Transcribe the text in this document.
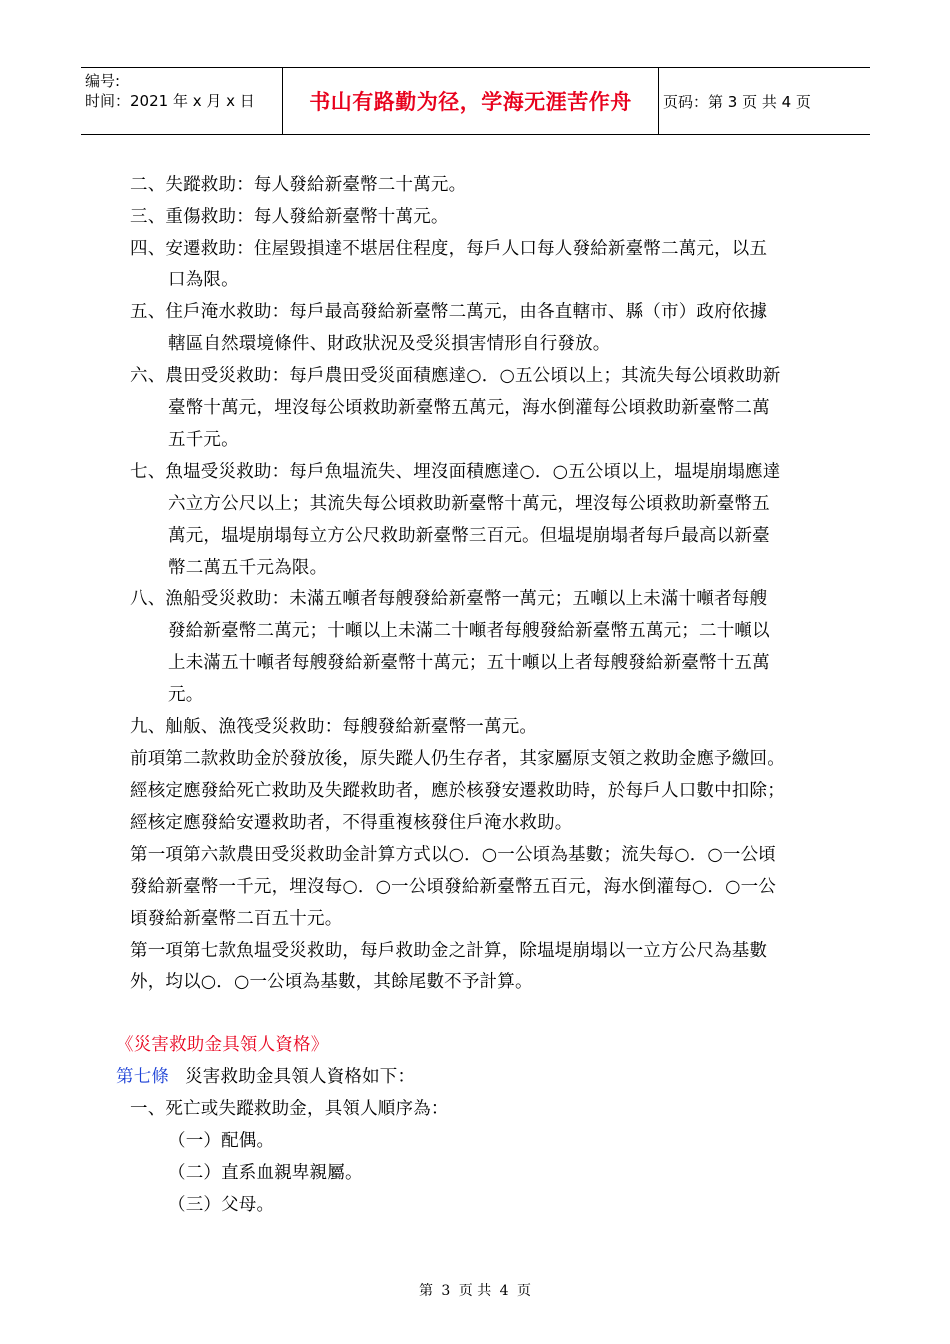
编号:
时间：2021 年 x 月 x 日	书山有路勤为径，学海无涯苦作舟	页码：第 3 页 共 4 页
二、失蹤救助：每人發給新臺幣二十萬元。
三、重傷救助：每人發給新臺幣十萬元。
四、安遷救助：住屋毀損達不堪居住程度，每戶人口每人發給新臺幣二萬元，以五
口為限。
五、住戶淹水救助：每戶最高發給新臺幣二萬元，由各直轄市、縣（市）政府依據
轄區自然環境條件、財政狀況及受災損害情形自行發放。
六、農田受災救助：每戶農田受災面積應達○．○五公頃以上；其流失每公頃救助新
臺幣十萬元，埋沒每公頃救助新臺幣五萬元，海水倒灌每公頃救助新臺幣二萬
五千元。
七、魚塭受災救助：每戶魚塭流失、埋沒面積應達○．○五公頃以上，塭堤崩塌應達
六立方公尺以上；其流失每公頃救助新臺幣十萬元，埋沒每公頃救助新臺幣五
萬元，塭堤崩塌每立方公尺救助新臺幣三百元。但塭堤崩塌者每戶最高以新臺
幣二萬五千元為限。
八、漁船受災救助：未滿五噸者每艘發給新臺幣一萬元；五噸以上未滿十噸者每艘
發給新臺幣二萬元；十噸以上未滿二十噸者每艘發給新臺幣五萬元；二十噸以
上未滿五十噸者每艘發給新臺幣十萬元；五十噸以上者每艘發給新臺幣十五萬
元。
九、舢舨、漁筏受災救助：每艘發給新臺幣一萬元。
前項第二款救助金於發放後，原失蹤人仍生存者，其家屬原支領之救助金應予繳回。
經核定應發給死亡救助及失蹤救助者，應於核發安遷救助時，於每戶人口數中扣除；
經核定應發給安遷救助者，不得重複核發住戶淹水救助。
第一項第六款農田受災救助金計算方式以○．○一公頃為基數；流失每○．○一公頃
發給新臺幣一千元，埋沒每○．○一公頃發給新臺幣五百元，海水倒灌每○．○一公
頃發給新臺幣二百五十元。
第一項第七款魚塭受災救助，每戶救助金之計算，除塭堤崩塌以一立方公尺為基數
外，均以○．○一公頃為基數，其餘尾數不予計算。
《災害救助金具領人資格》
第七條 災害救助金具領人資格如下：
一、死亡或失蹤救助金，具領人順序為：
（一）配偶。
（二）直系血親卑親屬。
（三）父母。
第 3 页 共 4 页
